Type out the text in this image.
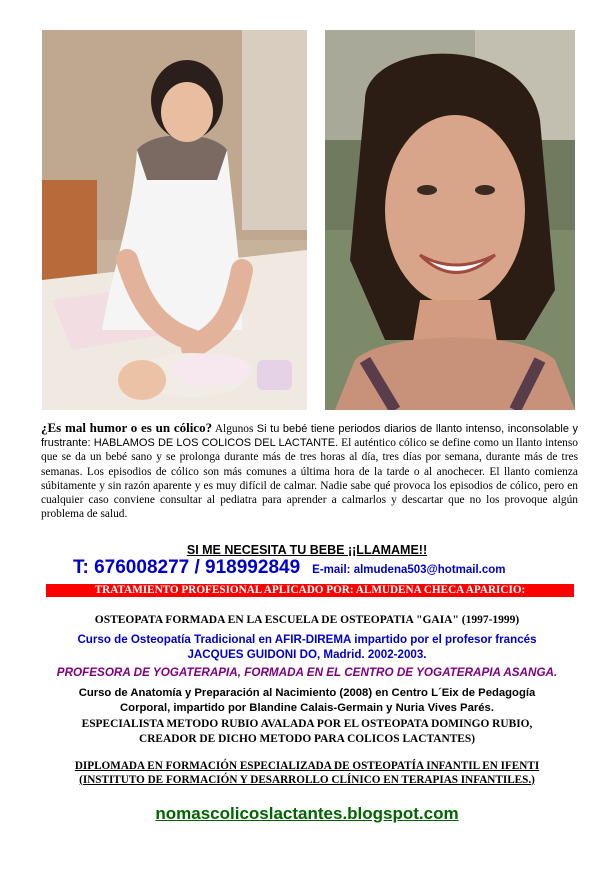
¿Es mal humor o es un cólico? Algunos Si tu bebé tiene periodos diarios de llanto intenso, inconsolable y frustrante: HABLAMOS DE LOS COLICOS DEL LACTANTE. El auténtico cólico se define como un llanto intenso que se da un bebé sano y se prolonga durante más de tres horas al día, tres días por semana, durante más de tres semanas. Los episodios de cólico son más comunes a última hora de la tarde o al anochecer. El llanto comienza súbitamente y sin razón aparente y es muy difícil de calmar. Nadie sabe qué provoca los episodios de cólico, pero en cualquier caso conviene consultar al pediatra para aprender a calmarlos y descartar que no los provoque algún problema de salud.
SI ME NECESITA TU BEBE ¡¡LLAMAME!!
T: 676008277 / 918992849 E-mail: almudena503@hotmail.com
TRATAMIENTO PROFESIONAL APLICADO POR: ALMUDENA CHECA APARICIO:
OSTEOPATA FORMADA EN LA ESCUELA DE OSTEOPATIA "GAIA" (1997-1999)
Curso de Osteopatía Tradicional en AFIR-DIREMA impartido por el profesor francés
JACQUES GUIDONI DO, Madrid. 2002-2003.
PROFESORA DE YOGATERAPIA, FORMADA EN EL CENTRO DE YOGATERAPIA ASANGA.
Curso de Anatomía y Preparación al Nacimiento (2008) en Centro L´Eix de Pedagogía
Corporal, impartido por Blandine Calais-Germain y Nuria Vives Parés.
ESPECIALISTA METODO RUBIO AVALADA POR EL OSTEOPATA DOMINGO RUBIO,
CREADOR DE DICHO METODO PARA COLICOS LACTANTES)
DIPLOMADA EN FORMACIÓN ESPECIALIZADA DE OSTEOPATÍA INFANTIL EN IFENTI
(INSTITUTO DE FORMACIÓN Y DESARROLLO CLÍNICO EN TERAPIAS INFANTILES.)
nomascolicoslactantes.blogspot.com
